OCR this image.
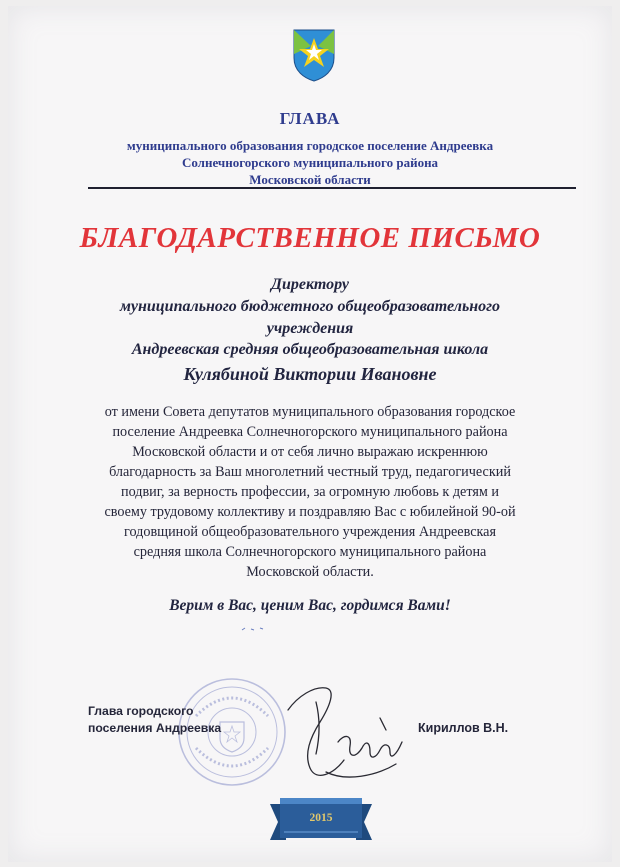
ГЛАВА
муниципального образования городское поселение Андреевка
Солнечногорского муниципального района
Московской области
БЛАГОДАРСТВЕННОЕ ПИСЬМО
Директору
муниципального бюджетного общеобразовательного
учреждения
Андреевская средняя общеобразовательная школа
Кулябиной Виктории Ивановне
от имени Совета депутатов муниципального образования городское
поселение Андреевка Солнечногорского муниципального района
Московской области и от себя лично выражаю искреннюю
благодарность за Ваш многолетний честный труд, педагогический
подвиг, за верность профессии, за огромную любовь к детям и
своему трудовому коллективу и поздравляю Вас с юбилейной 90-ой
годовщиной общеобразовательного учреждения Андреевская
средняя школа Солнечногорского муниципального района
Московской области.
Верим в Вас, ценим Вас, гордимся Вами!
Глава городского
поселения Андреевка	Кириллов В.Н.
2015
